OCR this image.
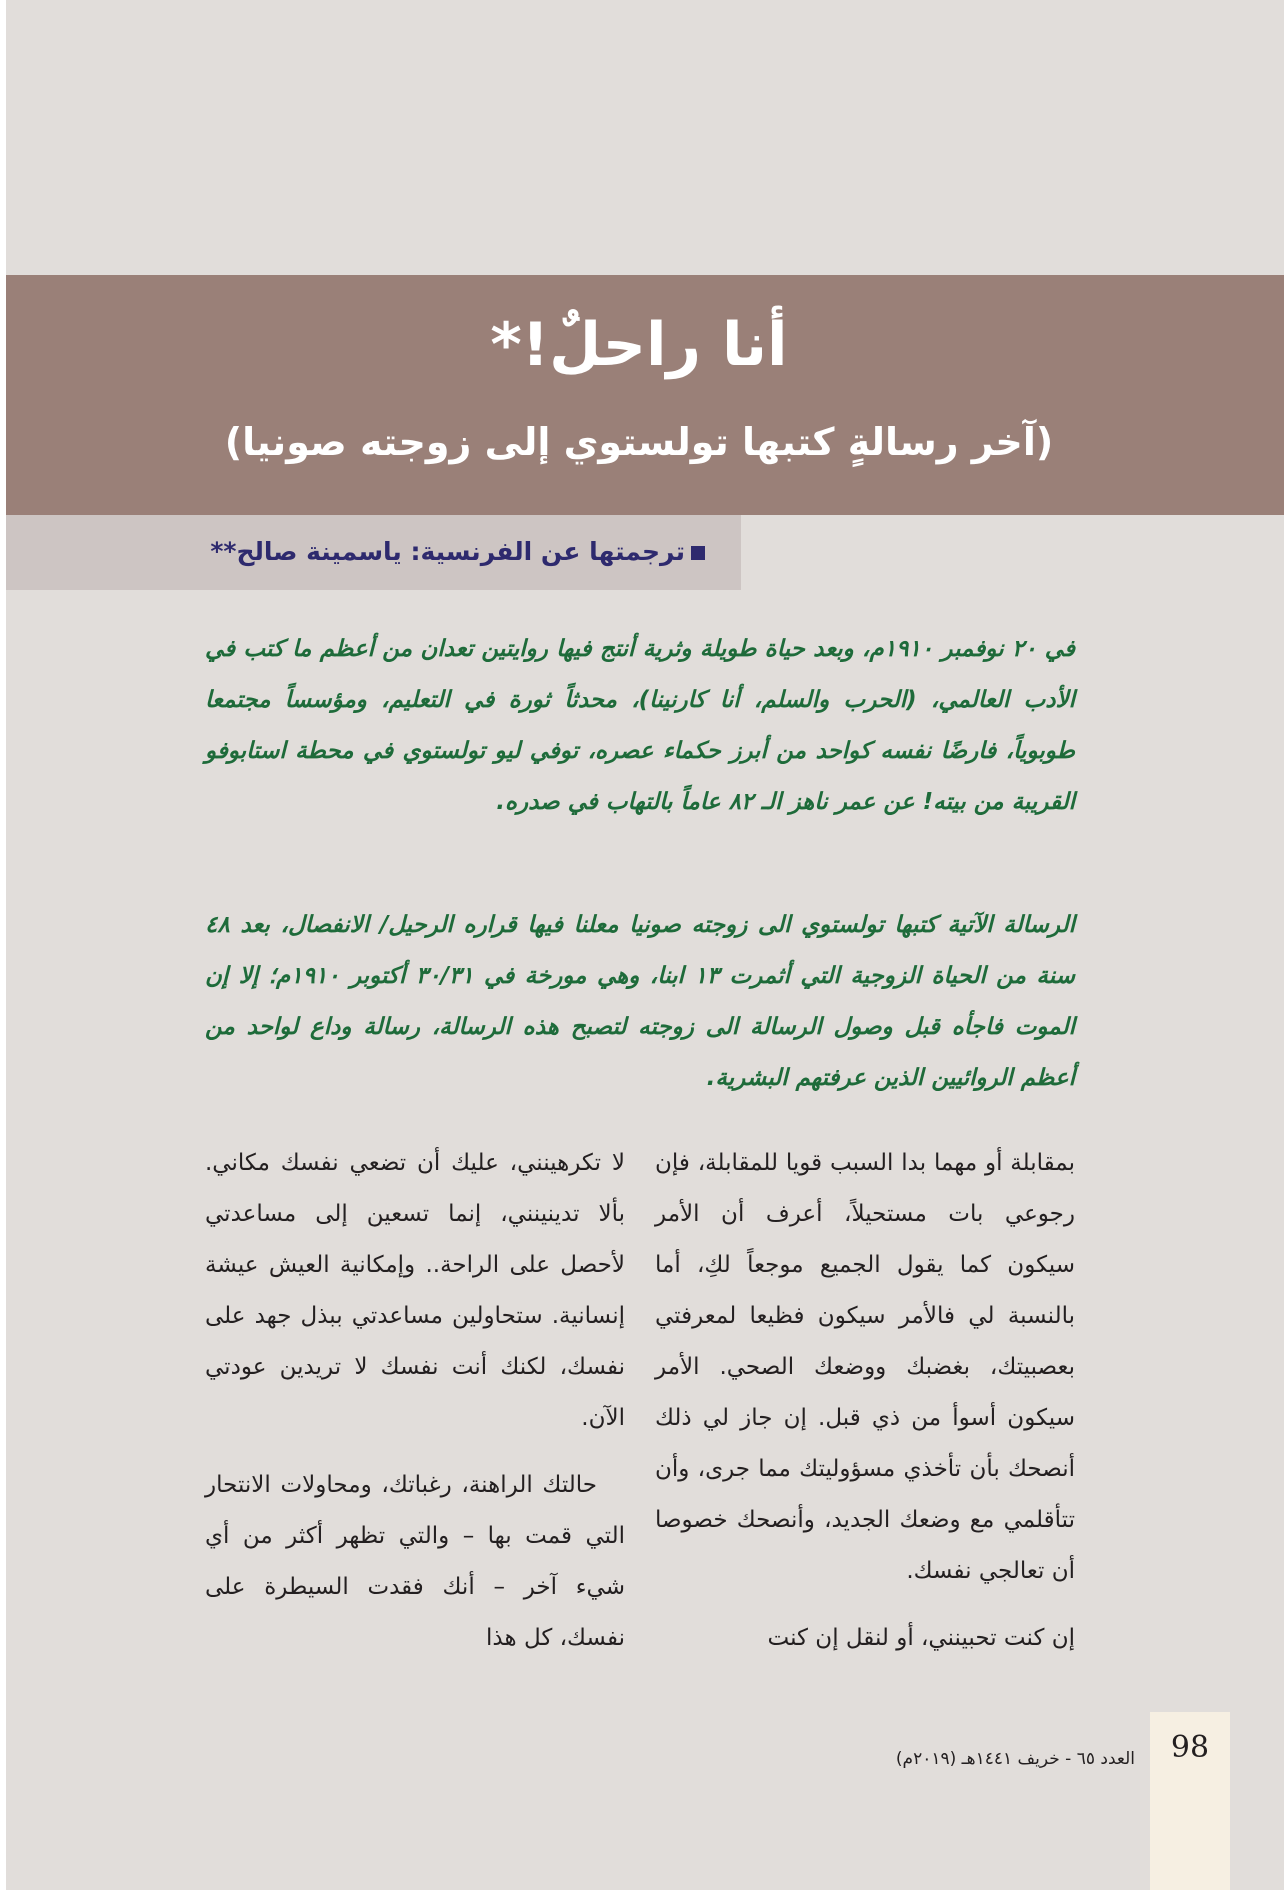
أنا راحلٌ!*
(آخر رسالةٍ كتبها تولستوي إلى زوجته صونيا)
ترجمتها عن الفرنسية: ياسمينة صالح**

في ٢٠ نوفمبر ١٩١٠م، وبعد حياة طويلة وثرية أنتج فيها روايتين تعدان من أعظم ما كتب في الأدب العالمي، (الحرب والسلم، أنا كارنينا)، محدثاً ثورة في التعليم، ومؤسساً مجتمعا طوبوياً، فارضًا نفسه كواحد من أبرز حكماء عصره، توفي ليو تولستوي في محطة استابوفو القريبة من بيته! عن عمر ناهز الـ ٨٢ عاماً بالتهاب في صدره.

الرسالة الآتية كتبها تولستوي الى زوجته صونيا معلنا فيها قراره الرحيل/ الانفصال، بعد ٤٨ سنة من الحياة الزوجية التي أثمرت ١٣ ابنا، وهي مورخة في ٣٠/٣١ أكتوبر ١٩١٠م؛ إلا إن الموت فاجأه قبل وصول الرسالة الى زوجته لتصبح هذه الرسالة، رسالة وداع لواحد من أعظم الروائيين الذين عرفتهم البشرية.

بمقابلة أو مهما بدا السبب قويا للمقابلة، فإن رجوعي بات مستحيلاً، أعرف أن الأمر سيكون كما يقول الجميع موجعاً لكِ، أما بالنسبة لي فالأمر سيكون فظيعا لمعرفتي بعصبيتك، بغضبك ووضعك الصحي. الأمر سيكون أسوأ من ذي قبل. إن جاز لي ذلك أنصحك بأن تأخذي مسؤوليتك مما جرى، وأن تتأقلمي مع وضعك الجديد، وأنصحك خصوصا أن تعالجي نفسك.

إن كنت تحبينني، أو لنقل إن كنت

لا تكرهينني، عليك أن تضعي نفسك مكاني. بألا تدينينني، إنما تسعين إلى مساعدتي لأحصل على الراحة.. وإمكانية العيش عيشة إنسانية. ستحاولين مساعدتي ببذل جهد على نفسك، لكنك أنت نفسك لا تريدين عودتي الآن.

حالتك الراهنة، رغباتك، ومحاولات الانتحار التي قمت بها – والتي تظهر أكثر من أي شيء آخر – أنك فقدت السيطرة على نفسك، كل هذا

98
العدد ٦٥ - خريف ١٤٤١هـ (٢٠١٩م)
